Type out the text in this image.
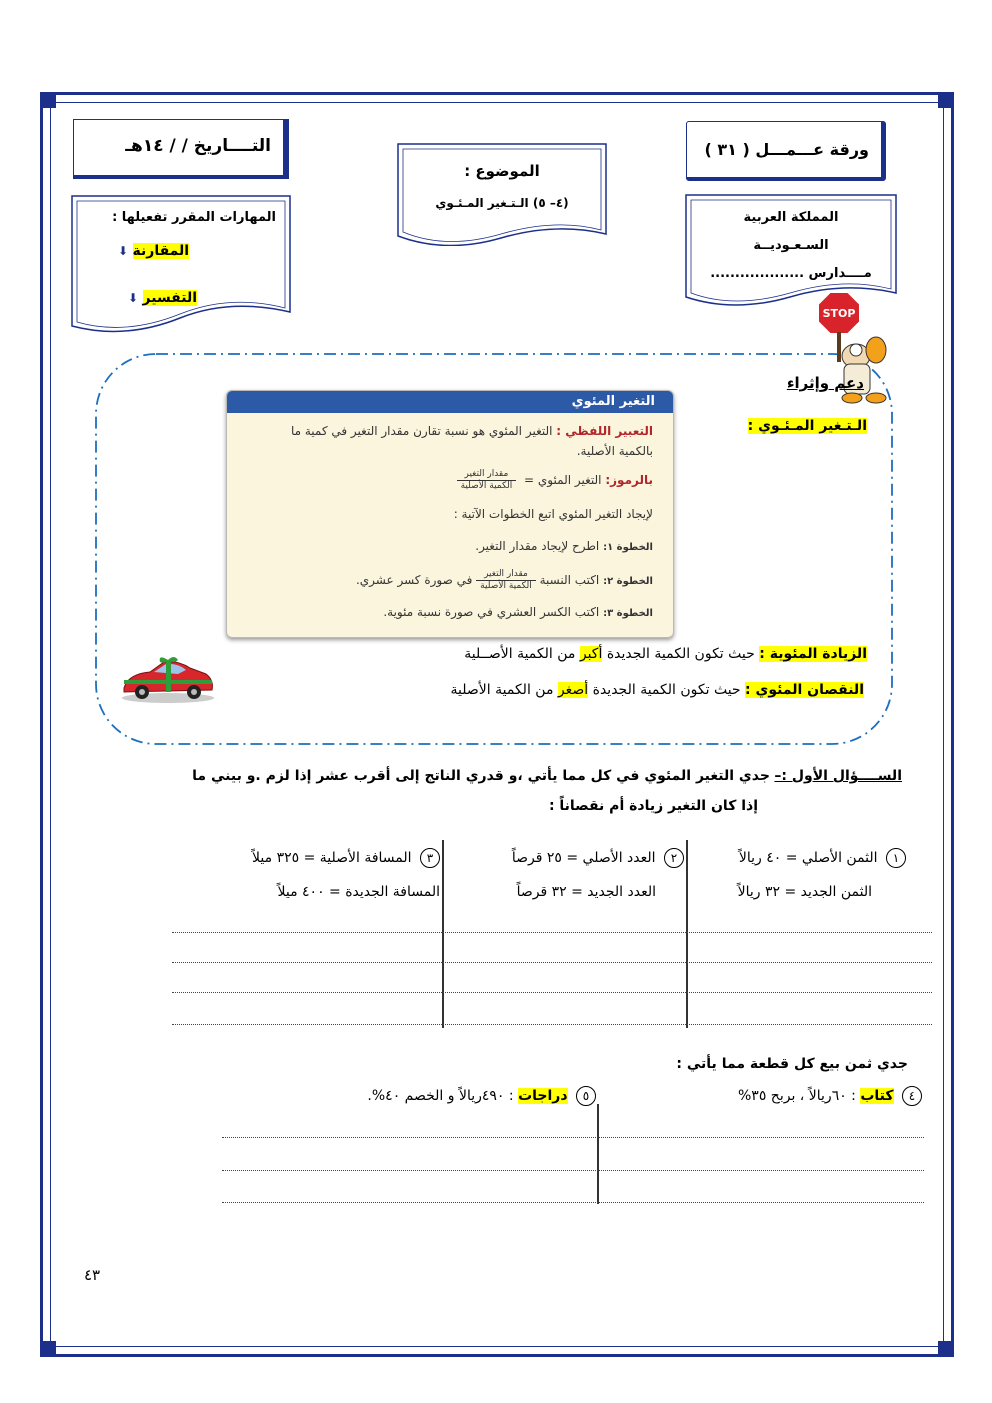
التــــاريخ / / ١٤هـ	ورقة عـــمـــل ( ٣١ )
الموضوع :
(٤– ٥) الـتـغير المـئـوي
المهارات المقرر تفعيلها :
المقارنة ⬇
التفسير ⬇
المملكة العربية
السـعـوديــة
مــــدارس ...................
STOP
دعم وإثراء
الـتـغير المـئـوي :
التغير المئوي
التعبير اللفظي : التغير المئوي هو نسبة تقارن مقدار التغير في كمية ما بالكمية الأصلية.
بالرموز: التغير المئوي =
مقدار التغير
الكمية الأصلية
لإيجاد التغير المئوي اتبع الخطوات الآتية :
الخطوة ١: اطرح لإيجاد مقدار التغير.
الخطوة ٢: اكتب النسبة
مقدار التغير
الكمية الأصلية
في صورة كسر عشري.
الخطوة ٣: اكتب الكسر العشري في صورة نسبة مئوية.
الزيادة المئوية : حيث تكون الكمية الجديدة أكبر من الكمية الأصــلية
النقصان المئوي : حيث تكون الكمية الجديدة أصغر من الكمية الأصلية
الســــؤال الأول :– جدي التغير المئوي في كل مما يأتي ،و قدري الناتج إلى أقرب عشر إذا لزم .و بيني ما
إذا كان التغير زيادة أم نقصاناً :
١ الثمن الأصلي = ٤٠ ريالاً
الثمن الجديد = ٣٢ ريالاً
٢ العدد الأصلي = ٢٥ قرصاً
العدد الجديد = ٣٢ قرصاً
٣ المسافة الأصلية = ٣٢٥ ميلاً
المسافة الجديدة = ٤٠٠ ميلاً
جدي ثمن بيع كل قطعة مما يأتي :
٤ كتاب : ٦٠ريالاً ، بربح ٣٥%
٥ دراجات : ٤٩٠ريالاً و الخصم ٤٠%.
٤٣
